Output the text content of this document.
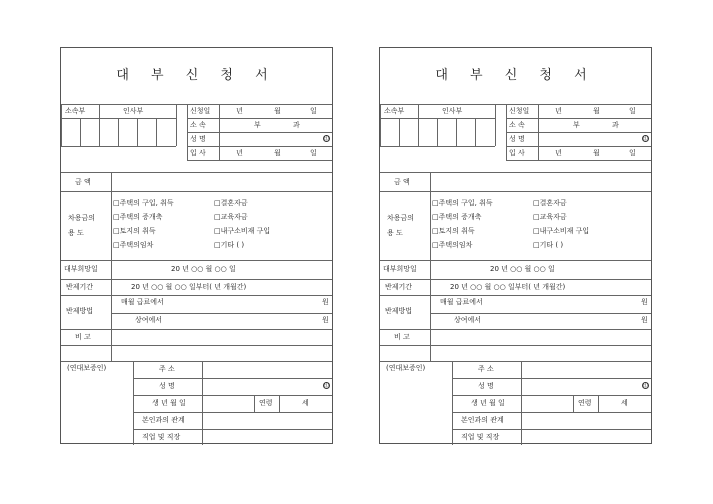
대 부 신 청 서
소속부	인사부	신청일	년	월	일
소 속	부	과
성 명	印
입 사	년	월	일
금 액
차용금의
용 도
□주택의 구입, 취득	□결혼자금
□주택의 증개축	□교육자금
□토지의 취득	□내구소비재 구입
□주택의임차	□기타 ( )
대부희망일	20 년 ○○ 월 ○○ 일
반제기간	20 년 ○○ 월 ○○ 일부터( 년 개월간)
반제방법
매월 급료에서	원
상여에서	원
비 고
(연대보증인)	주 소
성 명	印
생 년 월 일	연령	세
본인과의 관계
직업 및 직장
대 부 신 청 서
소속부	인사부	신청일	년	월	일
소 속	부	과
성 명	印
입 사	년	월	일
금 액
차용금의
용 도
□주택의 구입, 취득	□결혼자금
□주택의 증개축	□교육자금
□토지의 취득	□내구소비재 구입
□주택의임차	□기타 ( )
대부희망일	20 년 ○○ 월 ○○ 일
반제기간	20 년 ○○ 월 ○○ 일부터( 년 개월간)
반제방법
매월 급료에서	원
상여에서	원
비 고
(연대보증인)	주 소
성 명	印
생 년 월 일	연령	세
본인과의 관계
직업 및 직장
